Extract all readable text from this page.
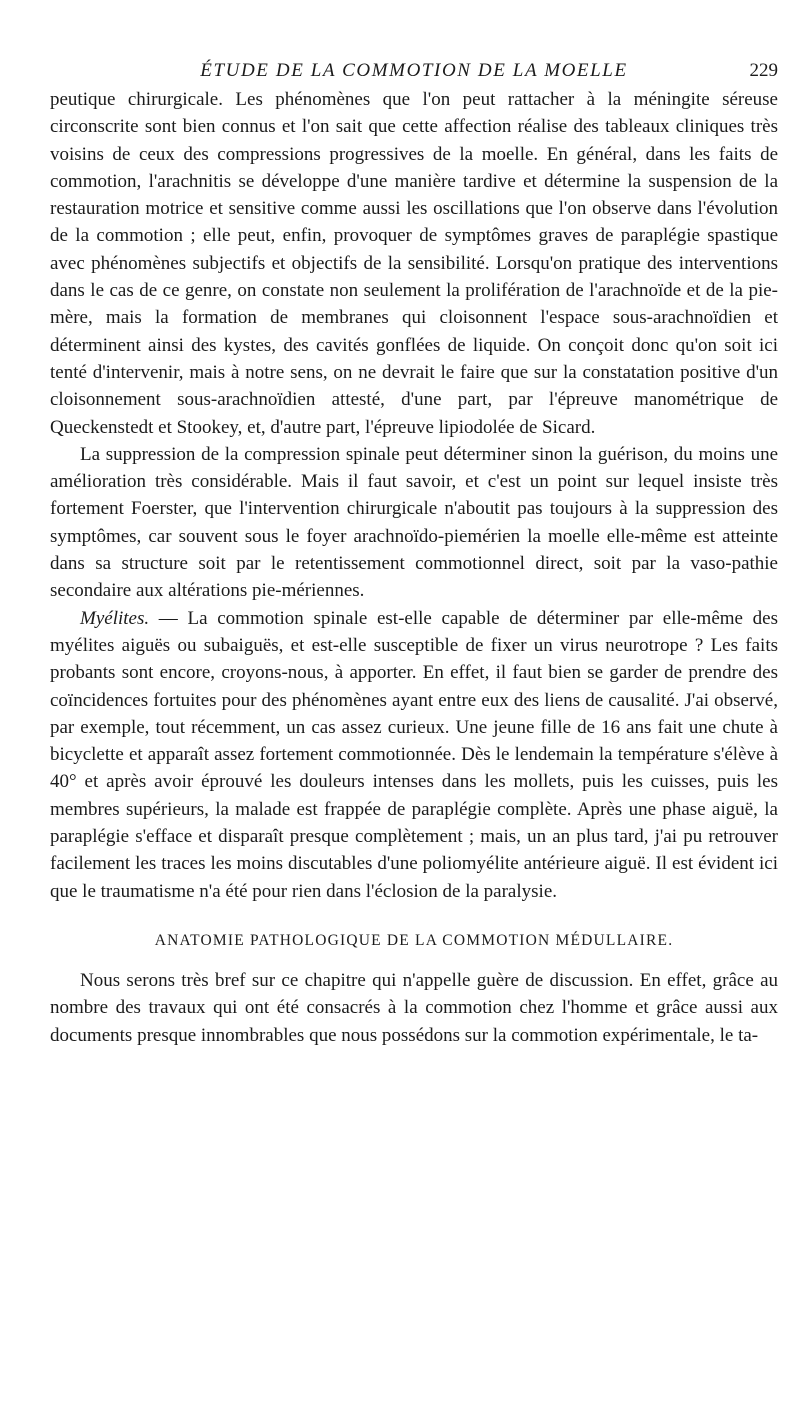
ÉTUDE DE LA COMMOTION DE LA MOELLE	229

peutique chirurgicale. Les phénomènes que l'on peut rattacher à la méningite séreuse circonscrite sont bien connus et l'on sait que cette affection réalise des tableaux cliniques très voisins de ceux des compressions progressives de la moelle. En général, dans les faits de commotion, l'arachnitis se développe d'une manière tardive et détermine la suspension de la restauration motrice et sensitive comme aussi les oscillations que l'on observe dans l'évolution de la commotion ; elle peut, enfin, provoquer de symptômes graves de paraplégie spastique avec phénomènes subjectifs et objectifs de la sensibilité. Lorsqu'on pratique des interventions dans le cas de ce genre, on constate non seulement la prolifération de l'arachnoïde et de la pie-mère, mais la formation de membranes qui cloisonnent l'espace sous-arachnoïdien et déterminent ainsi des kystes, des cavités gonflées de liquide. On conçoit donc qu'on soit ici tenté d'intervenir, mais à notre sens, on ne devrait le faire que sur la constatation positive d'un cloisonnement sous-arachnoïdien attesté, d'une part, par l'épreuve manométrique de Queckenstedt et Stookey, et, d'autre part, l'épreuve lipiodolée de Sicard.

La suppression de la compression spinale peut déterminer sinon la guérison, du moins une amélioration très considérable. Mais il faut savoir, et c'est un point sur lequel insiste très fortement Foerster, que l'intervention chirurgicale n'aboutit pas toujours à la suppression des symptômes, car souvent sous le foyer arachnoïdo-piemérien la moelle elle-même est atteinte dans sa structure soit par le retentissement commotionnel direct, soit par la vaso-pathie secondaire aux altérations pie-mériennes.

Myélites. — La commotion spinale est-elle capable de déterminer par elle-même des myélites aiguës ou subaiguës, et est-elle susceptible de fixer un virus neurotrope ? Les faits probants sont encore, croyons-nous, à apporter. En effet, il faut bien se garder de prendre des coïncidences fortuites pour des phénomènes ayant entre eux des liens de causalité. J'ai observé, par exemple, tout récemment, un cas assez curieux. Une jeune fille de 16 ans fait une chute à bicyclette et apparaît assez fortement commotionnée. Dès le lendemain la température s'élève à 40° et après avoir éprouvé les douleurs intenses dans les mollets, puis les cuisses, puis les membres supérieurs, la malade est frappée de paraplégie complète. Après une phase aiguë, la paraplégie s'efface et disparaît presque complètement ; mais, un an plus tard, j'ai pu retrouver facilement les traces les moins discutables d'une poliomyélite antérieure aiguë. Il est évident ici que le traumatisme n'a été pour rien dans l'éclosion de la paralysie.

ANATOMIE PATHOLOGIQUE DE LA COMMOTION MÉDULLAIRE.

Nous serons très bref sur ce chapitre qui n'appelle guère de discussion. En effet, grâce au nombre des travaux qui ont été consacrés à la commotion chez l'homme et grâce aussi aux documents presque innombrables que nous possédons sur la commotion expérimentale, le ta-
